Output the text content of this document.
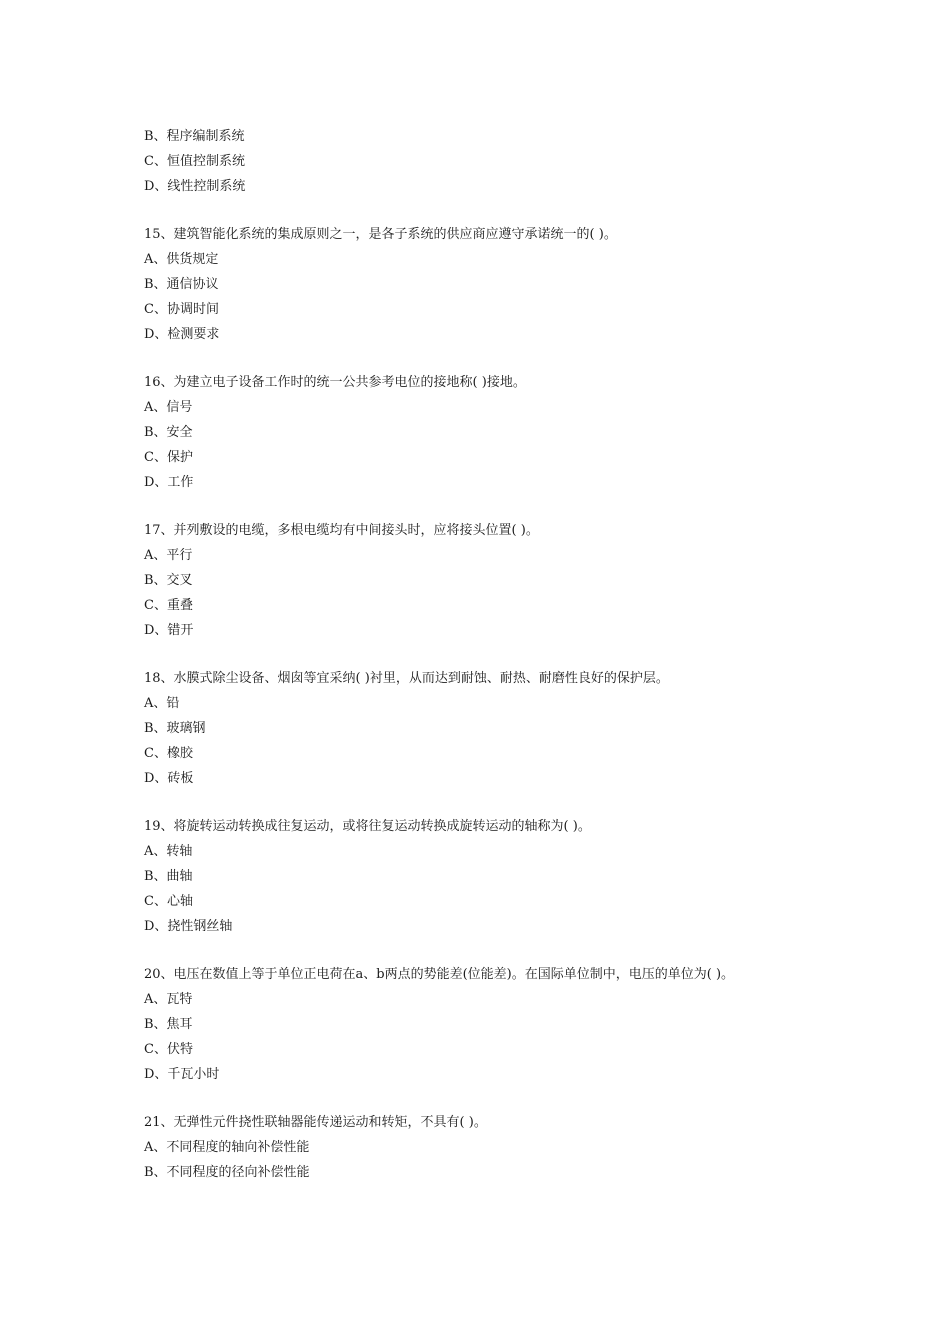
B、程序编制系统
C、恒值控制系统
D、线性控制系统
15、建筑智能化系统的集成原则之一，是各子系统的供应商应遵守承诺统一的( )。
A、供货规定
B、通信协议
C、协调时间
D、检测要求
16、为建立电子设备工作时的统一公共参考电位的接地称( )接地。
A、信号
B、安全
C、保护
D、工作
17、并列敷设的电缆，多根电缆均有中间接头时，应将接头位置( )。
A、平行
B、交叉
C、重叠
D、错开
18、水膜式除尘设备、烟囱等宜采纳( )衬里，从而达到耐蚀、耐热、耐磨性良好的保护层。
A、铅
B、玻璃钢
C、橡胶
D、砖板
19、将旋转运动转换成往复运动，或将往复运动转换成旋转运动的轴称为( )。
A、转轴
B、曲轴
C、心轴
D、挠性钢丝轴
20、电压在数值上等于单位正电荷在a、b两点的势能差(位能差)。在国际单位制中，电压的单位为( )。
A、瓦特
B、焦耳
C、伏特
D、千瓦小时
21、无弹性元件挠性联轴器能传递运动和转矩，不具有( )。
A、不同程度的轴向补偿性能
B、不同程度的径向补偿性能
